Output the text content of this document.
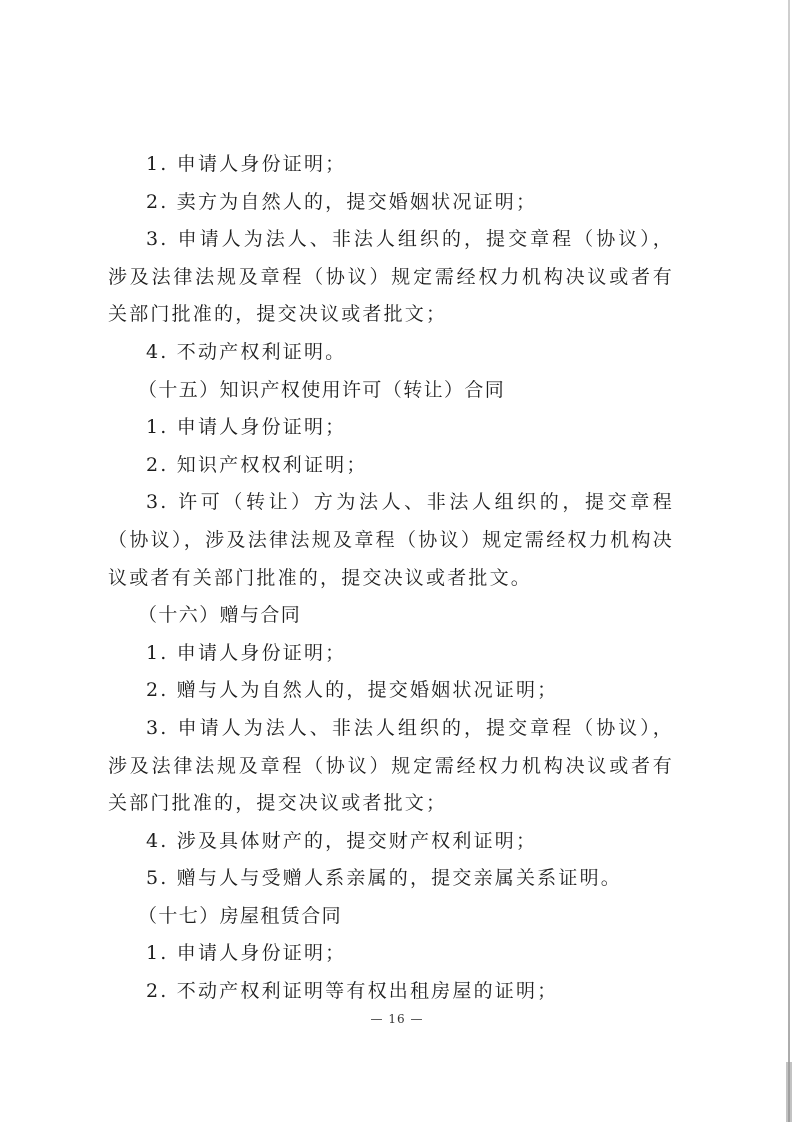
1. 申请人身份证明；

2. 卖方为自然人的，提交婚姻状况证明；

3. 申请人为法人、非法人组织的，提交章程（协议），涉及法律法规及章程（协议）规定需经权力机构决议或者有关部门批准的，提交决议或者批文；

4. 不动产权利证明。

（十五）知识产权使用许可（转让）合同

1. 申请人身份证明；

2. 知识产权权利证明；

3. 许可（转让）方为法人、非法人组织的，提交章程（协议），涉及法律法规及章程（协议）规定需经权力机构决议或者有关部门批准的，提交决议或者批文。

（十六）赠与合同

1. 申请人身份证明；

2. 赠与人为自然人的，提交婚姻状况证明；

3. 申请人为法人、非法人组织的，提交章程（协议），涉及法律法规及章程（协议）规定需经权力机构决议或者有关部门批准的，提交决议或者批文；

4. 涉及具体财产的，提交财产权利证明；

5. 赠与人与受赠人系亲属的，提交亲属关系证明。

（十七）房屋租赁合同

1. 申请人身份证明；

2. 不动产权利证明等有权出租房屋的证明；

— 16 —
